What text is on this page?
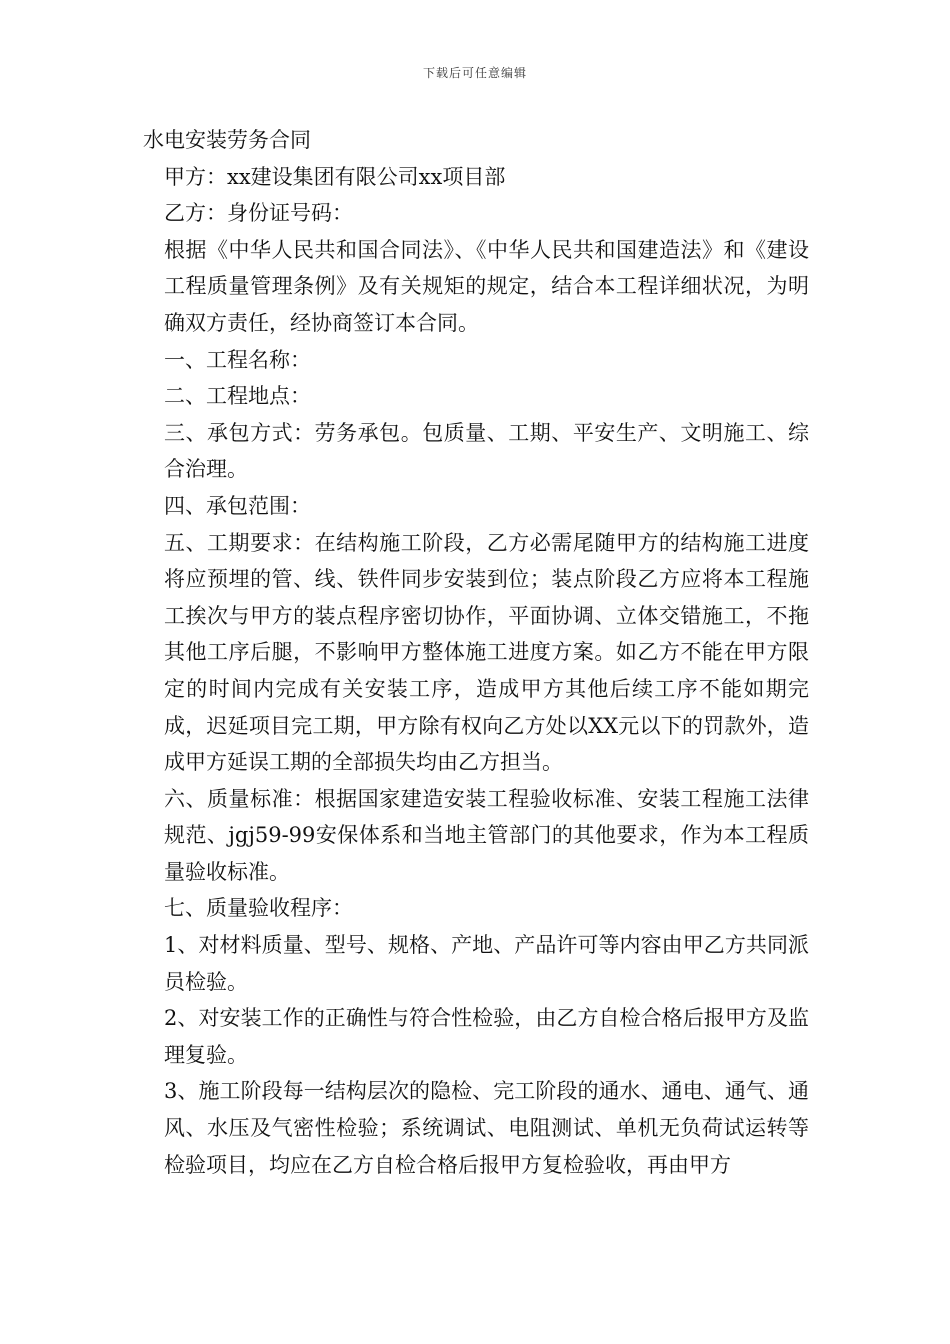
下载后可任意编辑

水电安装劳务合同

甲方：xx建设集团有限公司xx项目部

乙方：身份证号码：

根据《中华人民共和国合同法》、《中华人民共和国建造法》和《建设工程质量管理条例》及有关规矩的规定，结合本工程详细状况，为明确双方责任，经协商签订本合同。

一、工程名称：

二、工程地点：

三、承包方式：劳务承包。包质量、工期、平安生产、文明施工、综合治理。

四、承包范围：

五、工期要求：在结构施工阶段，乙方必需尾随甲方的结构施工进度将应预埋的管、线、铁件同步安装到位；装点阶段乙方应将本工程施工挨次与甲方的装点程序密切协作，平面协调、立体交错施工，不拖其他工序后腿，不影响甲方整体施工进度方案。如乙方不能在甲方限定的时间内完成有关安装工序，造成甲方其他后续工序不能如期完成，迟延项目完工期，甲方除有权向乙方处以XX元以下的罚款外，造成甲方延误工期的全部损失均由乙方担当。

六、质量标准：根据国家建造安装工程验收标准、安装工程施工法律规范、jgj59-99安保体系和当地主管部门的其他要求，作为本工程质量验收标准。

七、质量验收程序：

1、对材料质量、型号、规格、产地、产品许可等内容由甲乙方共同派员检验。

2、对安装工作的正确性与符合性检验，由乙方自检合格后报甲方及监理复验。

3、施工阶段每一结构层次的隐检、完工阶段的通水、通电、通气、通风、水压及气密性检验；系统调试、电阻测试、单机无负荷试运转等检验项目，均应在乙方自检合格后报甲方复检验收，再由甲方
